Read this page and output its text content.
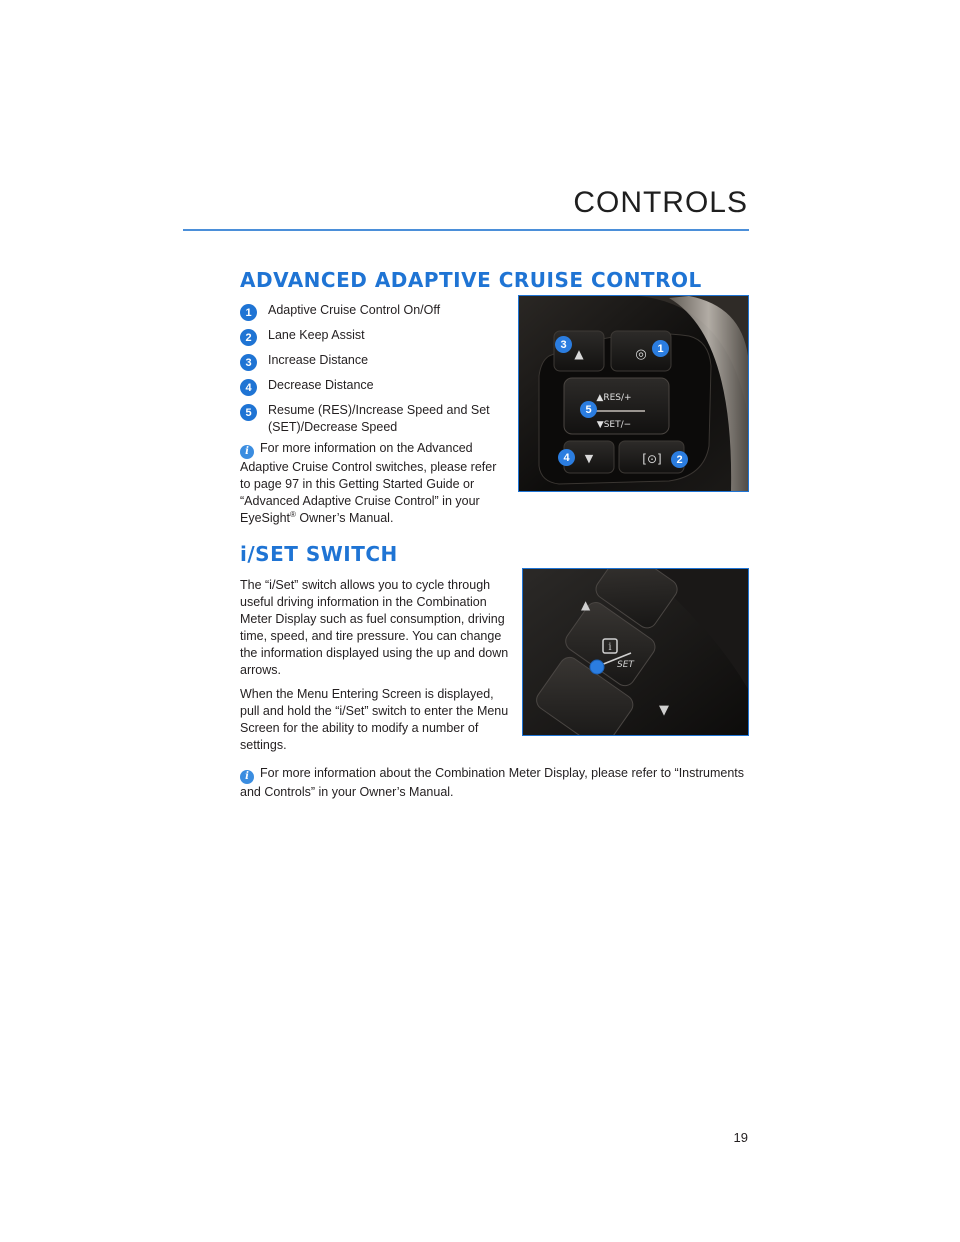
CONTROLS
ADVANCED ADAPTIVE CRUISE CONTROL
1	Adaptive Cruise Control On/Off
2	Lane Keep Assist
3	Increase Distance
4	Decrease Distance
5	Resume (RES)/Increase Speed and Set (SET)/Decrease Speed
i For more information on the Advanced Adaptive Cruise Control switches, please refer to page 97 in this Getting Started Guide or “Advanced Adaptive Cruise Control” in your EyeSight® Owner’s Manual.
▲	◎
▲RES/+
▼SET/−
▼	[⊙]
3	1
5
4	2
i/SET SWITCH
The “i/Set” switch allows you to cycle through useful driving information in the Combination Meter Display such as fuel consumption, driving time, speed, and tire pressure. You can change the information displayed using the up and down arrows.
When the Menu Entering Screen is displayed, pull and hold the “i/Set” switch to enter the Menu Screen for the ability to modify a number of settings.
i For more information about the Combination Meter Display, please refer to “Instruments and Controls” in your Owner’s Manual.
▲
i
SET
▼
19
